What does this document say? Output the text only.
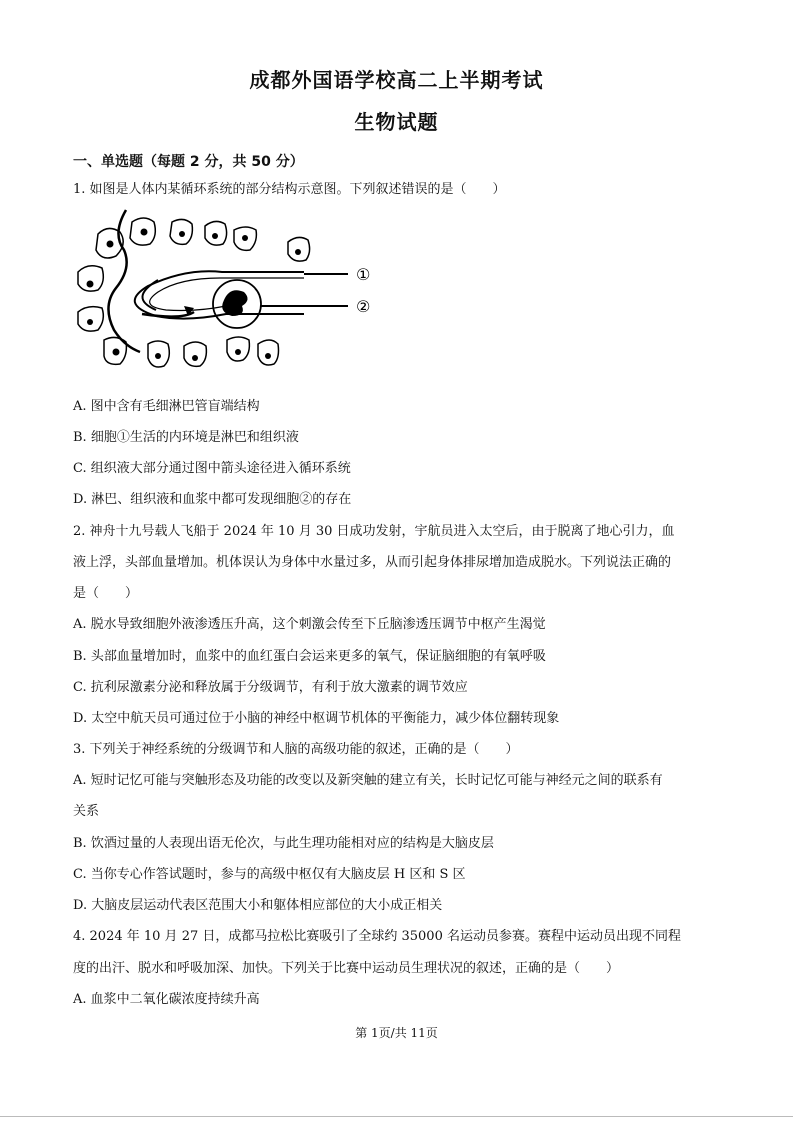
成都外国语学校高二上半期考试
生物试题
一、单选题（每题 2 分，共 50 分）
1. 如图是人体内某循环系统的部分结构示意图。下列叙述错误的是（　　）
①
②
A. 图中含有毛细淋巴管盲端结构
B. 细胞①生活的内环境是淋巴和组织液
C. 组织液大部分通过图中箭头途径进入循环系统
D. 淋巴、组织液和血浆中都可发现细胞②的存在
2. 神舟十九号载人飞船于 2024 年 10 月 30 日成功发射，宇航员进入太空后，由于脱离了地心引力，血
液上浮，头部血量增加。机体误认为身体中水量过多，从而引起身体排尿增加造成脱水。下列说法正确的
是（　　）
A. 脱水导致细胞外液渗透压升高，这个刺激会传至下丘脑渗透压调节中枢产生渴觉
B. 头部血量增加时，血浆中的血红蛋白会运来更多的氧气，保证脑细胞的有氧呼吸
C. 抗利尿激素分泌和释放属于分级调节，有利于放大激素的调节效应
D. 太空中航天员可通过位于小脑的神经中枢调节机体的平衡能力，减少体位翻转现象
3. 下列关于神经系统的分级调节和人脑的高级功能的叙述，正确的是（　　）
A. 短时记忆可能与突触形态及功能的改变以及新突触的建立有关，长时记忆可能与神经元之间的联系有
关系
B. 饮酒过量的人表现出语无伦次，与此生理功能相对应的结构是大脑皮层
C. 当你专心作答试题时，参与的高级中枢仅有大脑皮层 H 区和 S 区
D. 大脑皮层运动代表区范围大小和躯体相应部位的大小成正相关
4. 2024 年 10 月 27 日，成都马拉松比赛吸引了全球约 35000 名运动员参赛。赛程中运动员出现不同程
度的出汗、脱水和呼吸加深、加快。下列关于比赛中运动员生理状况的叙述，正确的是（　　）
A. 血浆中二氧化碳浓度持续升高
第 1页/共 11页
